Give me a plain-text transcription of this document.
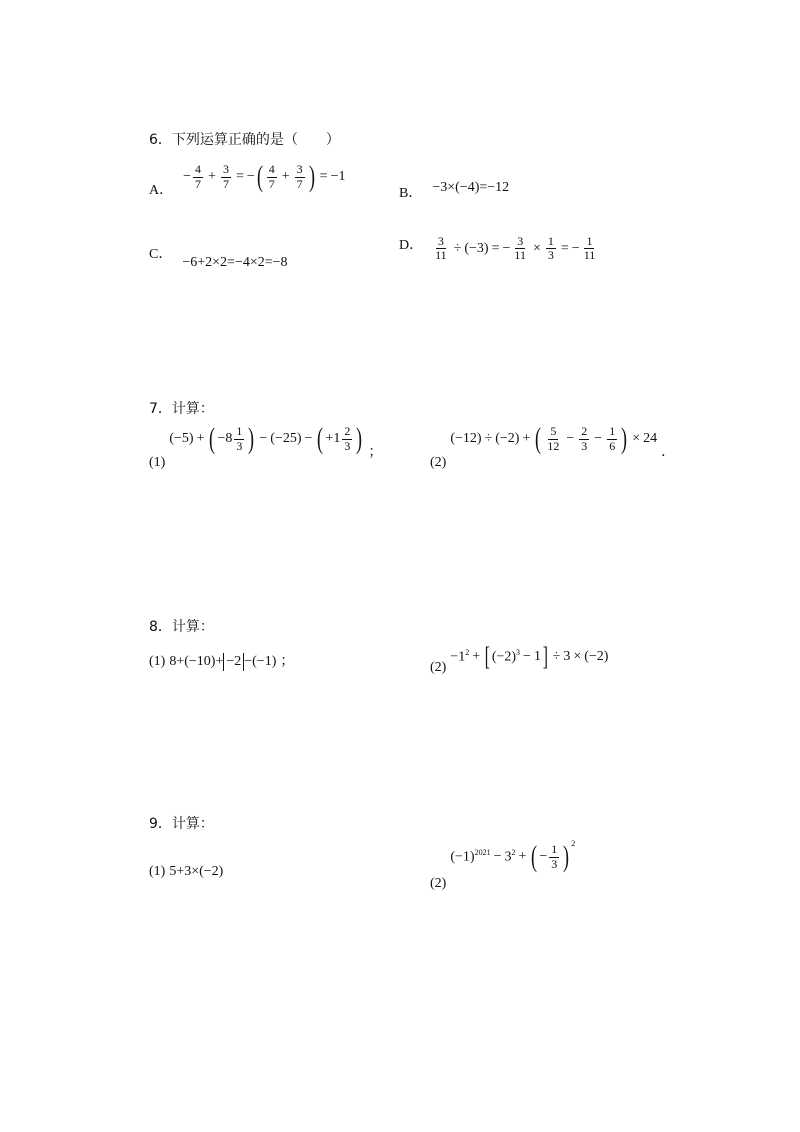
6．下列运算正确的是（　　）
A．
− $\frac{4}{7} + \frac{3}{7}$ = − ( $\frac{4}{7} + \frac{3}{7}$ ) = −1
B． −3×(−4)=−12
C． −6+2×2=−4×2=−8
D． $\frac{3}{11} \div (-3)$ = − $\frac{3}{11} \times \frac{1}{3}$ = − $\frac{1}{11}$
7．计算：
(1)
(−5) + ( $-8 \frac{1}{3}$ ) − (−25) − ( $+1 \frac{2}{3}$ ) ；
(2)
(−12) ÷ (−2) + ( $\frac{5}{12} - \frac{2}{3} - \frac{1}{6}$ ) × 24
．
8．计算：
(1) 8+(−10)+ −2 −(−1) ；	(2)
$-1^2$ + [ $(-2)^3 - 1$ ] ÷ 3 × (−2)
9．计算：
(1) 5+3×(−2)
(2)
$(-1)^{2021} - 3^2$ + ( − $\frac{1}{3}$ ) $^2$
